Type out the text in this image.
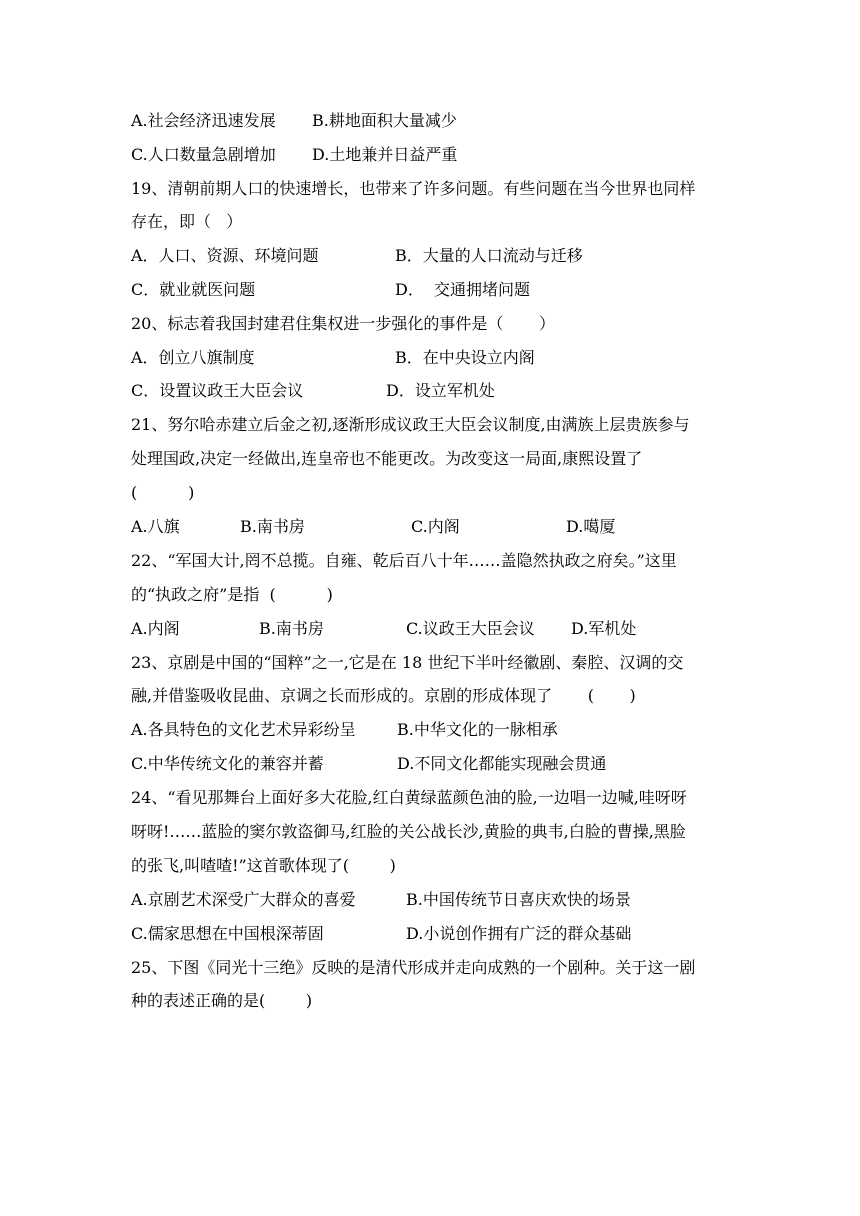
A.社会经济迅速发展 B.耕地面积大量减少
C.人口数量急剧增加 D.土地兼并日益严重
19、清朝前期人口的快速增长，也带来了许多问题。有些问题在当今世界也同样
存在，即（   ）
A．人口、资源、环境问题	B．大量的人口流动与迁移
C．就业就医问题	D．  交通拥堵问题
20、标志着我国封建君住集权进一步强化的事件是（       ）
A．创立八旗制度	B．在中央设立内阁
C．设置议政王大臣会议	D．设立军机处
21、努尔哈赤建立后金之初,逐渐形成议政王大臣会议制度,由满族上层贵族参与
处理国政,决定一经做出,连皇帝也不能更改。为改变这一局面,康熙设置了
(          )
A.八旗	B.南书房	C.内阁	D.噶厦
22、“军国大计,罔不总揽。自雍、乾后百八十年……盖隐然执政之府矣。”这里
的“执政之府”是指  (          )
A.内阁	B.南书房	C.议政王大臣会议 D.军机处
23、京剧是中国的“国粹”之一,它是在 18 世纪下半叶经徽剧、秦腔、汉调的交
融,并借鉴吸收昆曲、京调之长而形成的。京剧的形成体现了       (       )
A.各具特色的文化艺术异彩纷呈	B.中华文化的一脉相承
C.中华传统文化的兼容并蓄	D.不同文化都能实现融会贯通
24、“看见那舞台上面好多大花脸,红白黄绿蓝颜色油的脸,一边唱一边喊,哇呀呀
呀呀!……蓝脸的窦尔敦盗御马,红脸的关公战长沙,黄脸的典韦,白脸的曹操,黑脸
的张飞,叫喳喳!”这首歌体现了(        )
A.京剧艺术深受广大群众的喜爱	B.中国传统节日喜庆欢快的场景
C.儒家思想在中国根深蒂固	D.小说创作拥有广泛的群众基础
25、下图《同光十三绝》反映的是清代形成并走向成熟的一个剧种。关于这一剧
种的表述正确的是(        )
